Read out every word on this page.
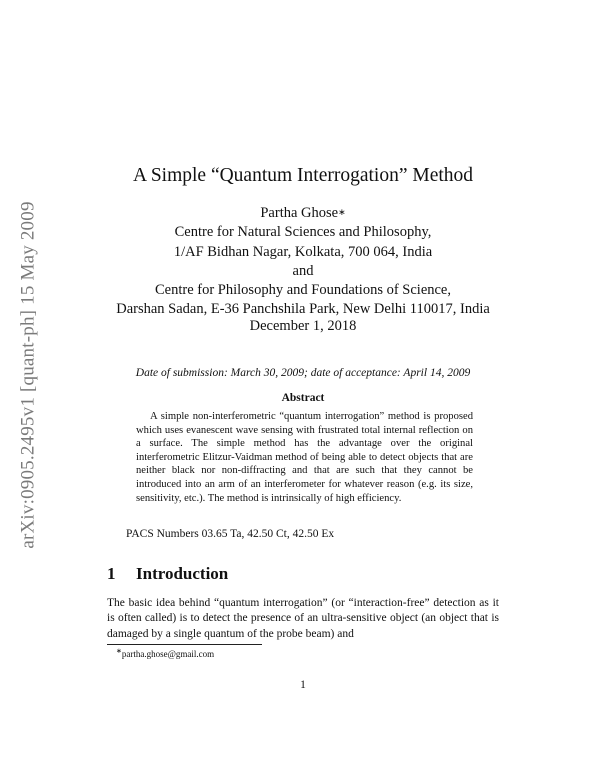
arXiv:0905.2495v1 [quant-ph] 15 May 2009
A Simple “Quantum Interrogation” Method
Partha Ghose∗
Centre for Natural Sciences and Philosophy,
1/AF Bidhan Nagar, Kolkata, 700 064, India
and
Centre for Philosophy and Foundations of Science,
Darshan Sadan, E-36 Panchshila Park, New Delhi 110017, India
December 1, 2018
Date of submission: March 30, 2009; date of acceptance: April 14, 2009
Abstract
A simple non-interferometric “quantum interrogation” method is proposed which uses evanescent wave sensing with frustrated total internal reflection on a surface. The simple method has the advantage over the original interferometric Elitzur-Vaidman method of being able to detect objects that are neither black nor non-diffracting and that are such that they cannot be introduced into an arm of an interferometer for whatever reason (e.g. its size, sensitivity, etc.). The method is intrinsically of high efficiency.
PACS Numbers 03.65 Ta, 42.50 Ct, 42.50 Ex
1 Introduction
The basic idea behind “quantum interrogation” (or “interaction-free” detection as it is often called) is to detect the presence of an ultra-sensitive object (an object that is damaged by a single quantum of the probe beam) and
∗partha.ghose@gmail.com
1
